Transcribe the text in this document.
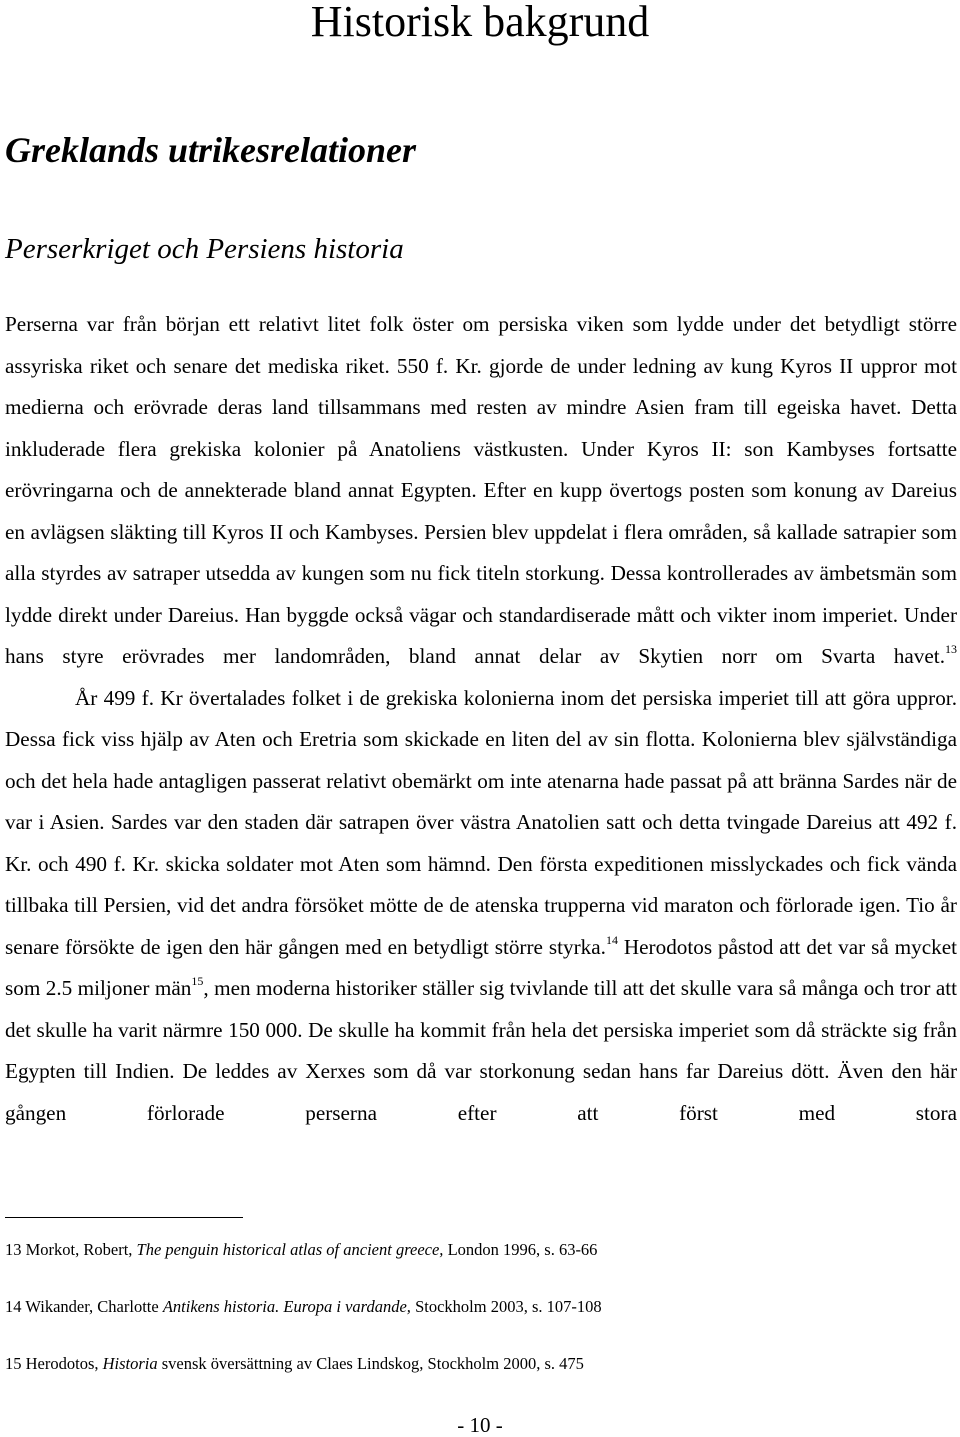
Historisk bakgrund
Greklands utrikesrelationer
Perserkriget och Persiens historia

Perserna var från början ett relativt litet folk öster om persiska viken som lydde under det betydligt större assyriska riket och senare det mediska riket. 550 f. Kr. gjorde de under ledning av kung Kyros II uppror mot medierna och erövrade deras land tillsammans med resten av mindre Asien fram till egeiska havet. Detta inkluderade flera grekiska kolonier på Anatoliens västkusten. Under Kyros II: son Kambyses fortsatte erövringarna och de annekterade bland annat Egypten. Efter en kupp övertogs posten som konung av Dareius en avlägsen släkting till Kyros II och Kambyses. Persien blev uppdelat i flera områden, så kallade satrapier som alla styrdes av satraper utsedda av kungen som nu fick titeln storkung. Dessa kontrollerades av ämbetsmän som lydde direkt under Dareius. Han byggde också vägar och standardiserade mått och vikter inom imperiet. Under hans styre erövrades mer landområden, bland annat delar av Skytien norr om Svarta havet.$^{13}$

År 499 f. Kr övertalades folket i de grekiska kolonierna inom det persiska imperiet till att göra uppror. Dessa fick viss hjälp av Aten och Eretria som skickade en liten del av sin flotta. Kolonierna blev självständiga och det hela hade antagligen passerat relativt obemärkt om inte atenarna hade passat på att bränna Sardes när de var i Asien. Sardes var den staden där satrapen över västra Anatolien satt och detta tvingade Dareius att 492 f. Kr. och 490 f. Kr. skicka soldater mot Aten som hämnd. Den första expeditionen misslyckades och fick vända tillbaka till Persien, vid det andra försöket mötte de de atenska trupperna vid maraton och förlorade igen. Tio år senare försökte de igen den här gången med en betydligt större styrka.$^{14}$ Herodotos påstod att det var så mycket som 2.5 miljoner män$^{15}$, men moderna historiker ställer sig tvivlande till att det skulle vara så många och tror att det skulle ha varit närmre 150 000. De skulle ha kommit från hela det persiska imperiet som då sträckte sig från Egypten till Indien. De leddes av Xerxes som då var storkonung sedan hans far Dareius dött. Även den här gången förlorade perserna efter att först med stora

13 Morkot, Robert, The penguin historical atlas of ancient greece, London 1996, s. 63-66

14 Wikander, Charlotte Antikens historia. Europa i vardande, Stockholm 2003, s. 107-108

15 Herodotos, Historia svensk översättning av Claes Lindskog, Stockholm 2000, s. 475

- 10 -
